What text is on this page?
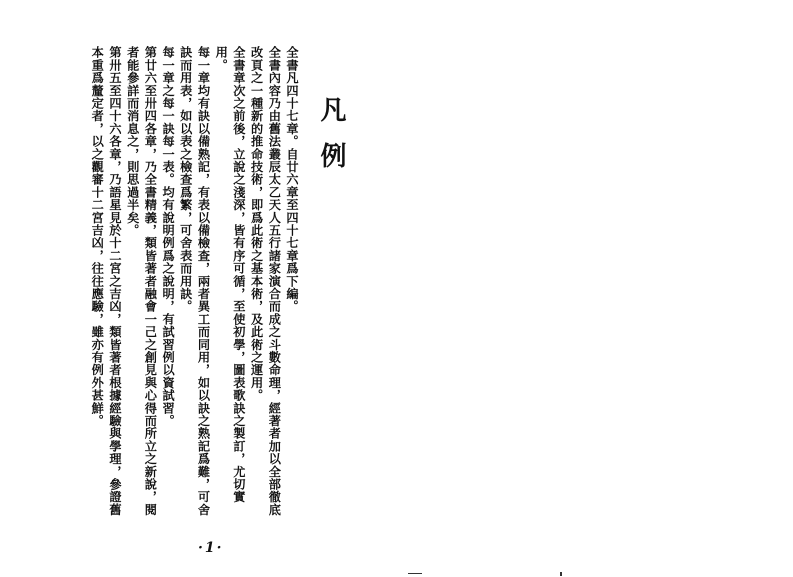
凡例

全書凡四十七章。自廿六章至四十七章爲下編。

全書內容乃由舊法叢辰太乙天人五行諸家演合而成之斗數命理，經著者加以全部徹底改頁之一種新的推命技術，即爲此術之基本術，及此術之運用。

全書章次之前後，立說之淺深，皆有序可循，至使初學，圖表歌訣之製訂，尤切實用。

每一章均有訣以備熟記，有表以備檢查，兩者異工而同用，如以訣之熟記爲難，可舍訣而用表，如以表之檢查爲繁，可舍表而用訣。

每一章之每一訣每一表。均有說明例爲之說明，有試習例以資試習。

第廿六至卅四各章，乃全書精義，類皆著者融會一己之創見與心得而所立之新說，閱者能參詳而消息之，則思過半矣。

第卅五至四十六各章，乃語星見於十二宮之吉凶，類皆著者根據經驗與學理，參證舊本重爲釐定者，以之觀審十二宮吉凶，往往應驗，雖亦有例外甚鮮。

·1·
